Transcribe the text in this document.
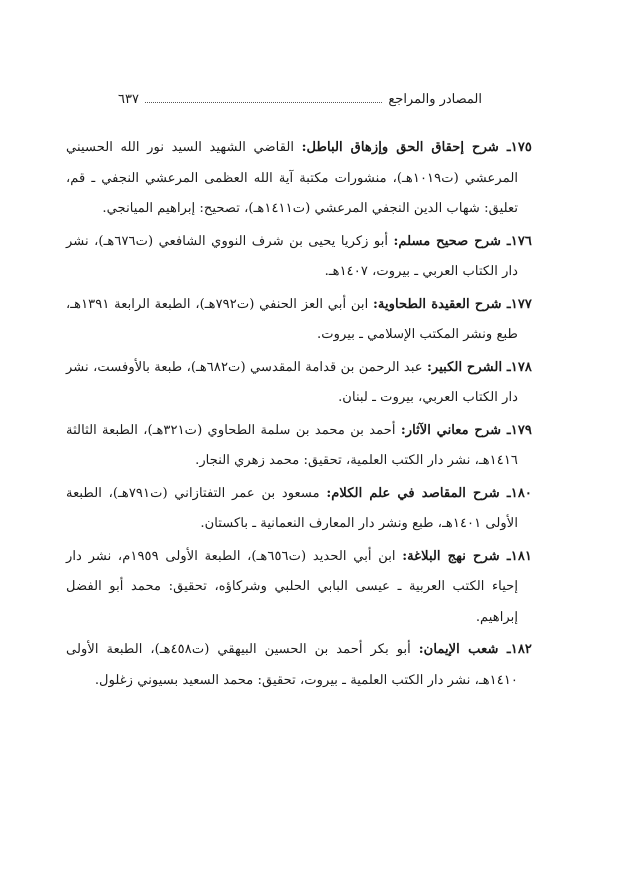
المصادر والمراجع
٦٣٧

١٧٥ـ شرح إحقاق الحق وإزهاق الباطل: القاضي الشهيد السيد نور الله الحسيني المرعشي (ت١٠١٩هـ)، منشورات مكتبة آية الله العظمى المرعشي النجفي ـ قم، تعليق: شهاب الدين النجفي المرعشي (ت١٤١١هـ)، تصحيح: إبراهيم الميانجي.

١٧٦ـ شرح صحيح مسلم: أبو زكريا يحيى بن شرف النووي الشافعي (ت٦٧٦هـ)، نشر دار الكتاب العربي ـ بيروت، ١٤٠٧هـ.

١٧٧ـ شرح العقيدة الطحاوية: ابن أبي العز الحنفي (ت٧٩٢هـ)، الطبعة الرابعة ١٣٩١هـ، طبع ونشر المكتب الإسلامي ـ بيروت.

١٧٨ـ الشرح الكبير: عبد الرحمن بن قدامة المقدسي (ت٦٨٢هـ)، طبعة بالأوفست، نشر دار الكتاب العربي، بيروت ـ لبنان.

١٧٩ـ شرح معاني الآثار: أحمد بن محمد بن سلمة الطحاوي (ت٣٢١هـ)، الطبعة الثالثة ١٤١٦هـ، نشر دار الكتب العلمية، تحقيق: محمد زهري النجار.

١٨٠ـ شرح المقاصد في علم الكلام: مسعود بن عمر التفتازاني (ت٧٩١هـ)، الطبعة الأولى ١٤٠١هـ، طبع ونشر دار المعارف النعمانية ـ باكستان.

١٨١ـ شرح نهج البلاغة: ابن أبي الحديد (ت٦٥٦هـ)، الطبعة الأولى ١٩٥٩م، نشر دار إحياء الكتب العربية ـ عيسى البابي الحلبي وشركاؤه، تحقيق: محمد أبو الفضل إبراهيم.

١٨٢ـ شعب الإيمان: أبو بكر أحمد بن الحسين البيهقي (ت٤٥٨هـ)، الطبعة الأولى ١٤١٠هـ، نشر دار الكتب العلمية ـ بيروت، تحقيق: محمد السعيد بسيوني زغلول.
